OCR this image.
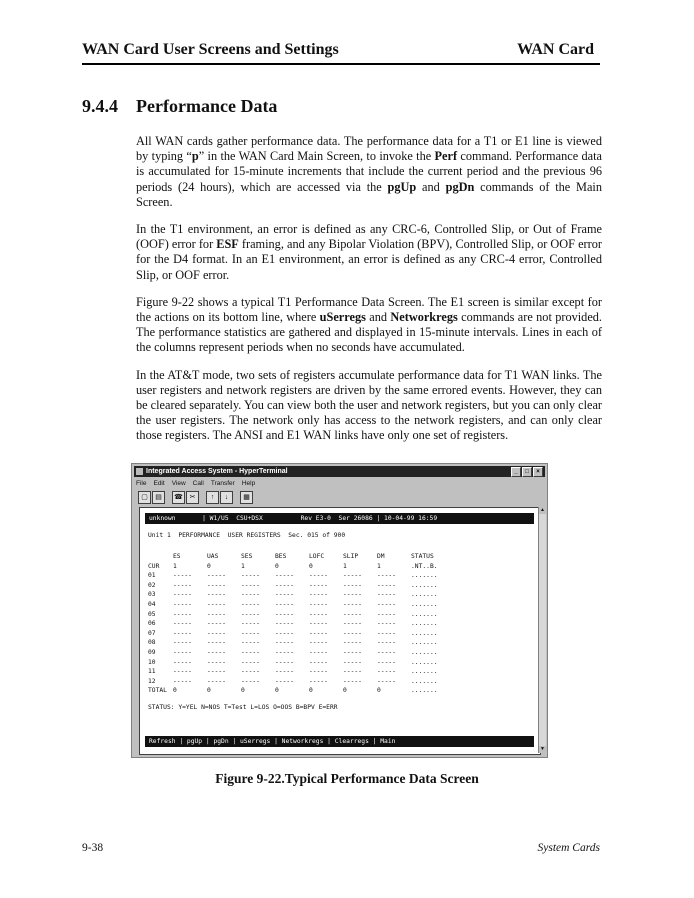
WAN Card User Screens and Settings	WAN Card
9.4.4 Performance Data

All WAN cards gather performance data. The performance data for a T1 or E1 line is viewed by typing “p” in the WAN Card Main Screen, to invoke the Perf command. Performance data is accumulated for 15-minute increments that include the current period and the previous 96 periods (24 hours), which are accessed via the pgUp and pgDn commands of the Main Screen.

In the T1 environment, an error is defined as any CRC-6, Controlled Slip, or Out of Frame (OOF) error for ESF framing, and any Bipolar Violation (BPV), Controlled Slip, or OOF error for the D4 format. In an E1 environment, an error is defined as any CRC-4 error, Controlled Slip, or OOF error.

Figure 9-22 shows a typical T1 Performance Data Screen. The E1 screen is similar except for the actions on its bottom line, where uSerregs and Networkregs commands are not provided. The performance statistics are gathered and displayed in 15-minute intervals. Lines in each of the columns represent periods when no seconds have accumulated.

In the AT&T mode, two sets of registers accumulate performance data for T1 WAN links. The user registers and network registers are driven by the same errored events. However, they can be cleared separately. You can view both the user and network registers, but you can only clear the user registers. The network only has access to the network registers, and can only clear those registers. The ANSI and E1 WAN links have only one set of registers.

Integrated Access System - HyperTerminal	_ □ ×
File Edit View Call Transfer Help
▢ ▤ ☎ ✂ ↑ ↓ ▦
unknown       | W1/U5  CSU+DSX          Rev E3-0  Ser 26086 | 10-04-99 16:59
Unit 1  PERFORMANCE  USER REGISTERS  Sec. 015 of 900
	ES	UAS	SES	BES	LOFC	SLIP	DM	STATUS
CUR	1	0	1	0	0	1	1	.NT..B.
01	-----	-----	-----	-----	-----	-----	-----	.......
02	-----	-----	-----	-----	-----	-----	-----	.......
03	-----	-----	-----	-----	-----	-----	-----	.......
04	-----	-----	-----	-----	-----	-----	-----	.......
05	-----	-----	-----	-----	-----	-----	-----	.......
06	-----	-----	-----	-----	-----	-----	-----	.......
07	-----	-----	-----	-----	-----	-----	-----	.......
08	-----	-----	-----	-----	-----	-----	-----	.......
09	-----	-----	-----	-----	-----	-----	-----	.......
10	-----	-----	-----	-----	-----	-----	-----	.......
11	-----	-----	-----	-----	-----	-----	-----	.......
12	-----	-----	-----	-----	-----	-----	-----	.......
TOTAL	0	0	0	0	0	0	0	.......
STATUS: Y=YEL N=NOS T=Test L=LOS O=OOS B=BPV E=ERR
Refresh | pgUp | pgDn | uSerregs | Networkregs | Clearregs | Main
▲
▼
Figure 9-22.Typical Performance Data Screen
9-38	System Cards
